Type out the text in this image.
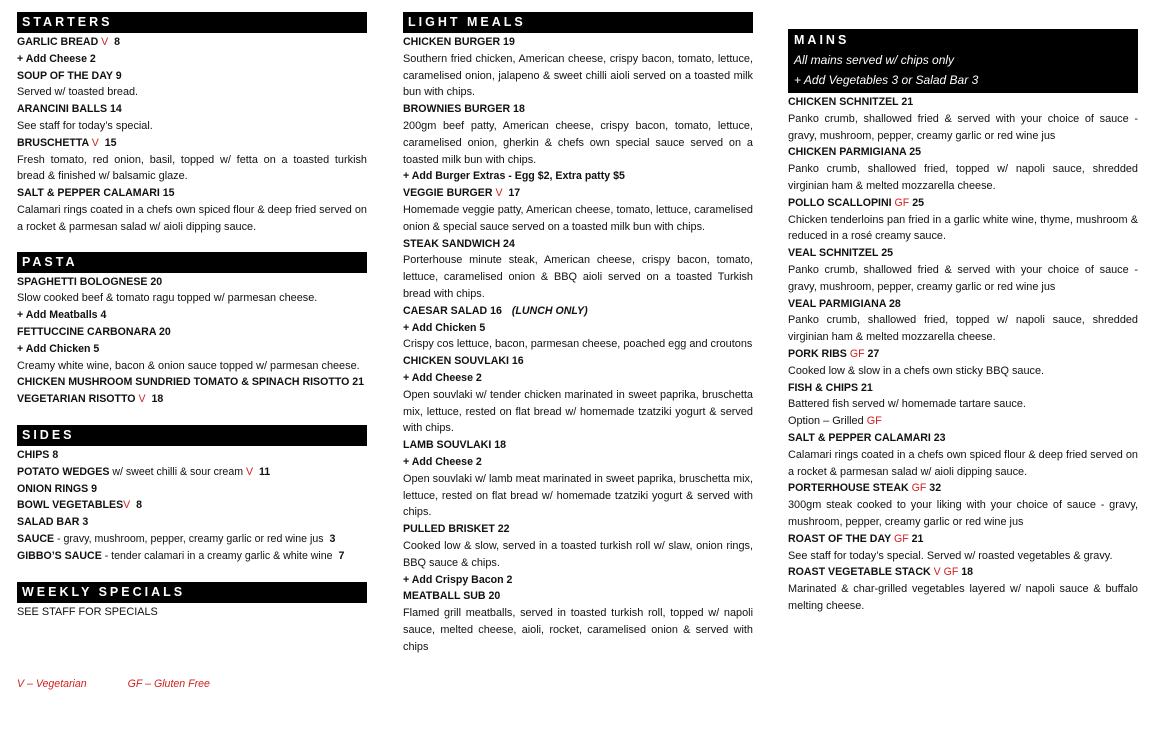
STARTERS
GARLIC BREAD V 8
+ Add Cheese 2
SOUP OF THE DAY 9
Served w/ toasted bread.
ARANCINI BALLS 14
See staff for today’s special.
BRUSCHETTA V 15
Fresh tomato, red onion, basil, topped w/ fetta on a toasted turkish bread & finished w/ balsamic glaze.
SALT & PEPPER CALAMARI 15
Calamari rings coated in a chefs own spiced flour & deep fried served on a rocket & parmesan salad w/ aioli dipping sauce.
PASTA
SPAGHETTI BOLOGNESE 20
Slow cooked beef & tomato ragu topped w/ parmesan cheese.
+ Add Meatballs 4
FETTUCCINE CARBONARA 20
+ Add Chicken 5
Creamy white wine, bacon & onion sauce topped w/ parmesan cheese.
CHICKEN MUSHROOM SUNDRIED TOMATO & SPINACH RISOTTO 21
VEGETARIAN RISOTTO V 18
SIDES
CHIPS 8
POTATO WEDGES w/ sweet chilli & sour cream V 11
ONION RINGS 9
BOWL VEGETABLESV 8
SALAD BAR 3
SAUCE - gravy, mushroom, pepper, creamy garlic or red wine jus 3
GIBBO’S SAUCE - tender calamari in a creamy garlic & white wine 7
WEEKLY SPECIALS
SEE STAFF FOR SPECIALS
V – Vegetarian	GF – Gluten Free
LIGHT MEALS
CHICKEN BURGER 19
Southern fried chicken, American cheese, crispy bacon, tomato, lettuce, caramelised onion, jalapeno & sweet chilli aioli served on a toasted milk bun with chips.
BROWNIES BURGER 18
200gm beef patty, American cheese, crispy bacon, tomato, lettuce, caramelised onion, gherkin & chefs own special sauce served on a toasted milk bun with chips.
+ Add Burger Extras - Egg $2, Extra patty $5
VEGGIE BURGER V 17
Homemade veggie patty, American cheese, tomato, lettuce, caramelised onion & special sauce served on a toasted milk bun with chips.
STEAK SANDWICH 24
Porterhouse minute steak, American cheese, crispy bacon, tomato, lettuce, caramelised onion & BBQ aioli served on a toasted Turkish bread with chips.
CAESAR SALAD 16 (LUNCH ONLY)
+ Add Chicken 5
Crispy cos lettuce, bacon, parmesan cheese, poached egg and croutons
CHICKEN SOUVLAKI 16
+ Add Cheese 2
Open souvlaki w/ tender chicken marinated in sweet paprika, bruschetta mix, lettuce, rested on flat bread w/ homemade tzatziki yogurt & served with chips.
LAMB SOUVLAKI 18
+ Add Cheese 2
Open souvlaki w/ lamb meat marinated in sweet paprika, bruschetta mix, lettuce, rested on flat bread w/ homemade tzatziki yogurt & served with chips.
PULLED BRISKET 22
Cooked low & slow, served in a toasted turkish roll w/ slaw, onion rings, BBQ sauce & chips.
+ Add Crispy Bacon 2
MEATBALL SUB 20
Flamed grill meatballs, served in toasted turkish roll, topped w/ napoli sauce, melted cheese, aioli, rocket, caramelised onion & served with chips
MAINS
All mains served w/ chips only
+ Add Vegetables 3 or Salad Bar 3
CHICKEN SCHNITZEL 21
Panko crumb, shallowed fried & served with your choice of sauce - gravy, mushroom, pepper, creamy garlic or red wine jus
CHICKEN PARMIGIANA 25
Panko crumb, shallowed fried, topped w/ napoli sauce, shredded virginian ham & melted mozzarella cheese.
POLLO SCALLOPINI GF 25
Chicken tenderloins pan fried in a garlic white wine, thyme, mushroom & reduced in a rosé creamy sauce.
VEAL SCHNITZEL 25
Panko crumb, shallowed fried & served with your choice of sauce - gravy, mushroom, pepper, creamy garlic or red wine jus
VEAL PARMIGIANA 28
Panko crumb, shallowed fried, topped w/ napoli sauce, shredded virginian ham & melted mozzarella cheese.
PORK RIBS GF 27
Cooked low & slow in a chefs own sticky BBQ sauce.
FISH & CHIPS 21
Battered fish served w/ homemade tartare sauce.
Option – Grilled GF
SALT & PEPPER CALAMARI 23
Calamari rings coated in a chefs own spiced flour & deep fried served on a rocket & parmesan salad w/ aioli dipping sauce.
PORTERHOUSE STEAK GF 32
300gm steak cooked to your liking with your choice of sauce - gravy, mushroom, pepper, creamy garlic or red wine jus
ROAST OF THE DAY GF 21
See staff for today’s special. Served w/ roasted vegetables & gravy.
ROAST VEGETABLE STACK V GF 18
Marinated & char-grilled vegetables layered w/ napoli sauce & buffalo melting cheese.
